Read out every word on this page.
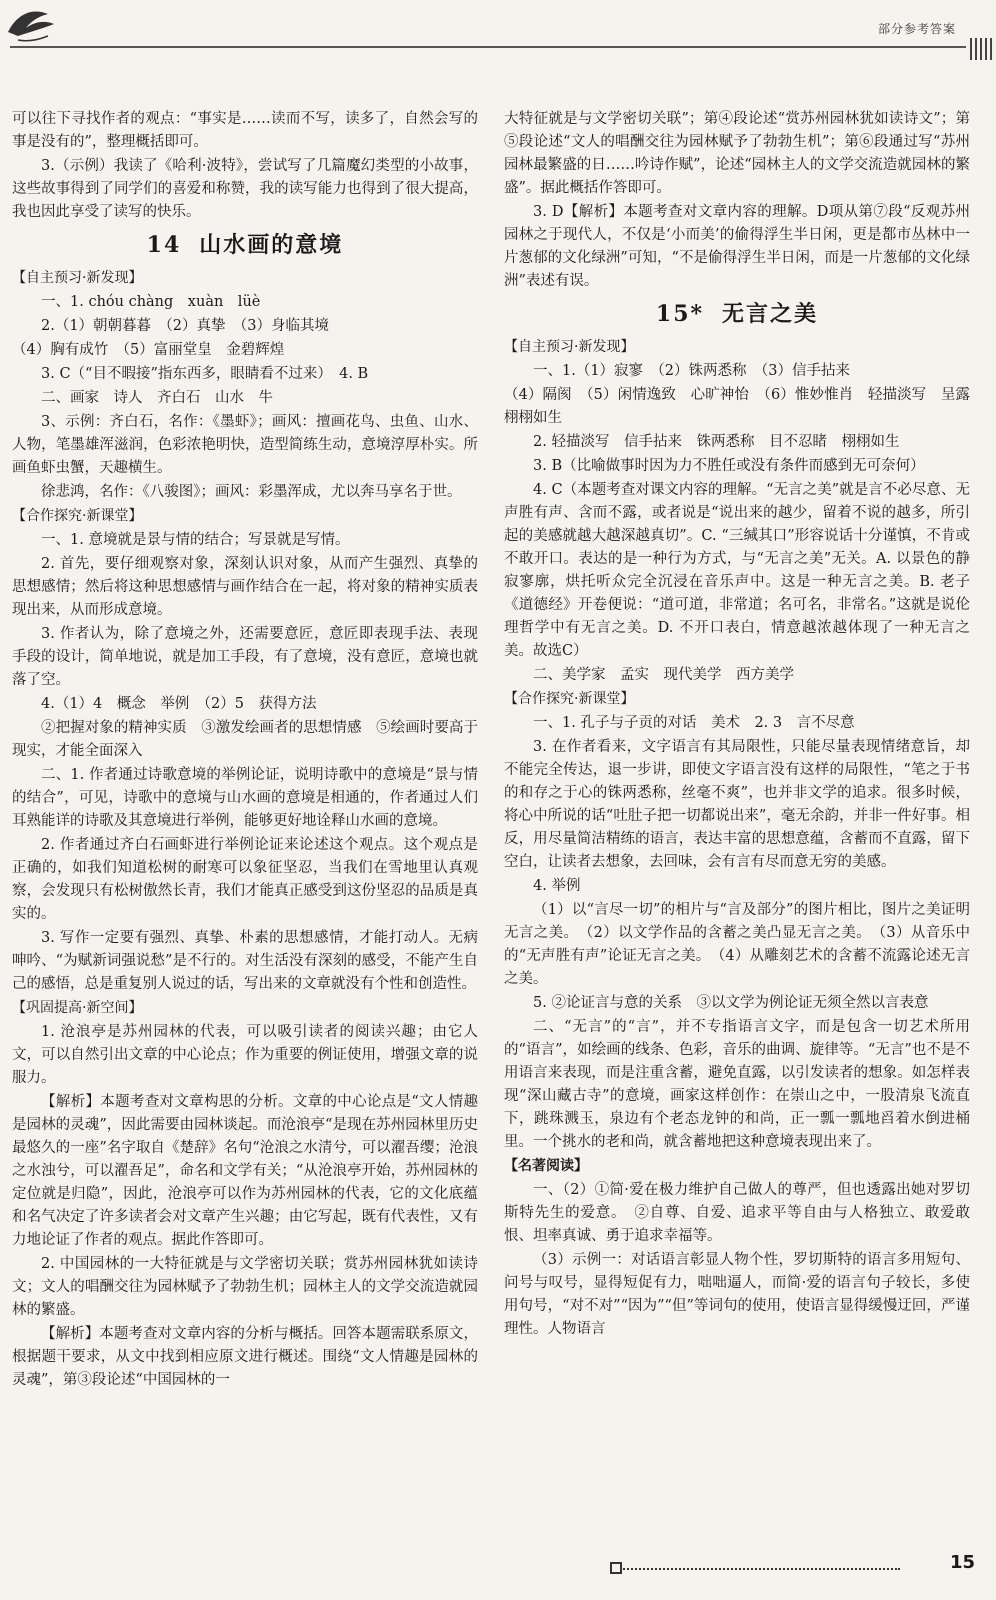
部分参考答案

可以往下寻找作者的观点：“事实是……读而不写，读多了，自然会写的事是没有的”，整理概括即可。

3.（示例）我读了《哈利·波特》，尝试写了几篇魔幻类型的小故事，这些故事得到了同学们的喜爱和称赞，我的读写能力也得到了很大提高，我也因此享受了读写的快乐。

14 山水画的意境

【自主预习·新发现】

一、1. chóu chàng　xuàn　lüè

2.（1）朝朝暮暮　（2）真挚　（3）身临其境

（4）胸有成竹　（5）富丽堂皇　金碧辉煌

3. C（“目不暇接”指东西多，眼睛看不过来）　4. B

二、画家　诗人　齐白石　山水　牛

3、示例：齐白石，名作：《墨虾》；画风：擅画花鸟、虫鱼、山水、人物，笔墨雄浑滋润，色彩浓艳明快，造型简练生动，意境淳厚朴实。所画鱼虾虫蟹，天趣横生。

徐悲鸿，名作：《八骏图》；画风：彩墨浑成，尤以奔马享名于世。

【合作探究·新课堂】

一、1. 意境就是景与情的结合；写景就是写情。

2. 首先，要仔细观察对象，深刻认识对象，从而产生强烈、真挚的思想感情；然后将这种思想感情与画作结合在一起，将对象的精神实质表现出来，从而形成意境。

3. 作者认为，除了意境之外，还需要意匠，意匠即表现手法、表现手段的设计，简单地说，就是加工手段，有了意境，没有意匠，意境也就落了空。

4.（1）4　概念　举例　（2）5　获得方法

②把握对象的精神实质　③激发绘画者的思想情感　⑤绘画时要高于现实，才能全面深入

二、1. 作者通过诗歌意境的举例论证，说明诗歌中的意境是“景与情的结合”，可见，诗歌中的意境与山水画的意境是相通的，作者通过人们耳熟能详的诗歌及其意境进行举例，能够更好地诠释山水画的意境。

2. 作者通过齐白石画虾进行举例论证来论述这个观点。这个观点是正确的，如我们知道松树的耐寒可以象征坚忍，当我们在雪地里认真观察，会发现只有松树傲然长青，我们才能真正感受到这份坚忍的品质是真实的。

3. 写作一定要有强烈、真挚、朴素的思想感情，才能打动人。无病呻吟、“为赋新词强说愁”是不行的。对生活没有深刻的感受，不能产生自己的感悟，总是重复别人说过的话，写出来的文章就没有个性和创造性。

【巩固提高·新空间】

1. 沧浪亭是苏州园林的代表，可以吸引读者的阅读兴趣；由它人文，可以自然引出文章的中心论点；作为重要的例证使用，增强文章的说服力。

【解析】本题考查对文章构思的分析。文章的中心论点是“文人情趣是园林的灵魂”，因此需要由园林谈起。而沧浪亭“是现在苏州园林里历史最悠久的一座”名字取自《楚辞》名句“沧浪之水清兮，可以濯吾缨；沧浪之水浊兮，可以濯吾足”，命名和文学有关；“从沧浪亭开始，苏州园林的定位就是归隐”，因此，沧浪亭可以作为苏州园林的代表，它的文化底蕴和名气决定了许多读者会对文章产生兴趣；由它写起，既有代表性，又有力地论证了作者的观点。据此作答即可。

2. 中国园林的一大特征就是与文学密切关联；赏苏州园林犹如读诗文；文人的唱酬交往为园林赋予了勃勃生机；园林主人的文学交流造就园林的繁盛。

【解析】本题考查对文章内容的分析与概括。回答本题需联系原文，根据题干要求，从文中找到相应原文进行概述。围绕“文人情趣是园林的灵魂”，第③段论述“中国园林的一

大特征就是与文学密切关联”；第④段论述“赏苏州园林犹如读诗文”；第⑤段论述“文人的唱酬交往为园林赋予了勃勃生机”；第⑥段通过写“苏州园林最繁盛的日……吟诗作赋”，论述“园林主人的文学交流造就园林的繁盛”。据此概括作答即可。

3. D【解析】本题考查对文章内容的理解。D项从第⑦段“反观苏州园林之于现代人，不仅是‘小而美’的偷得浮生半日闲，更是都市丛林中一片葱郁的文化绿洲”可知，“不是偷得浮生半日闲，而是一片葱郁的文化绿洲”表述有误。

15* 无言之美

【自主预习·新发现】

一、1.（1）寂寥　（2）铢两悉称　（3）信手拈来

（4）隔阂　（5）闲情逸致　心旷神怡　（6）惟妙惟肖　轻描淡写　呈露　栩栩如生

2. 轻描淡写　信手拈来　铢两悉称　目不忍睹　栩栩如生

3. B（比喻做事时因为力不胜任或没有条件而感到无可奈何）

4. C（本题考查对课文内容的理解。“无言之美”就是言不必尽意、无声胜有声、含而不露，或者说是“说出来的越少，留着不说的越多，所引起的美感就越大越深越真切”。C. “三缄其口”形容说话十分谨慎，不肯或不敢开口。表达的是一种行为方式，与“无言之美”无关。A. 以景色的静寂寥廓，烘托听众完全沉浸在音乐声中。这是一种无言之美。B. 老子《道德经》开卷便说：“道可道，非常道；名可名，非常名。”这就是说伦理哲学中有无言之美。D. 不开口表白，情意越浓越体现了一种无言之美。故选C）

二、美学家　孟实　现代美学　西方美学

【合作探究·新课堂】

一、1. 孔子与子贡的对话　美术　2. 3　言不尽意

3. 在作者看来，文字语言有其局限性，只能尽量表现情绪意旨，却不能完全传达，退一步讲，即使文字语言没有这样的局限性，“笔之于书的和存之于心的铢两悉称，丝毫不爽”，也并非文学的追求。很多时候，将心中所说的话“吐肚子把一切都说出来”，毫无余韵，并非一件好事。相反，用尽量简洁精练的语言，表达丰富的思想意蕴，含蓄而不直露，留下空白，让读者去想象，去回味，会有言有尽而意无穷的美感。

4. 举例

（1）以“言尽一切”的相片与“言及部分”的图片相比，图片之美证明无言之美。　（2）以文学作品的含蓄之美凸显无言之美。　（3）从音乐中的“无声胜有声”论证无言之美。　（4）从雕刻艺术的含蓄不流露论述无言之美。

5. ②论证言与意的关系　③以文学为例论证无须全然以言表意

二、“无言”的“言”，并不专指语言文字，而是包含一切艺术所用的“语言”，如绘画的线条、色彩，音乐的曲调、旋律等。“无言”也不是不用语言来表现，而是注重含蓄，避免直露，以引发读者的想象。如怎样表现“深山藏古寺”的意境，画家这样创作：在崇山之中，一股清泉飞流直下，跳珠溅玉，泉边有个老态龙钟的和尚，正一瓢一瓢地舀着水倒进桶里。一个挑水的老和尚，就含蓄地把这种意境表现出来了。

【名著阅读】

一、（2）①简·爱在极力维护自己做人的尊严，但也透露出她对罗切斯特先生的爱意。　②自尊、自爱、追求平等自由与人格独立、敢爱敢恨、坦率真诚、勇于追求幸福等。

（3）示例一：对话语言彰显人物个性，罗切斯特的语言多用短句、问号与叹号，显得短促有力，咄咄逼人，而简·爱的语言句子较长，多使用句号，“对不对”“因为”“但”等词句的使用，使语言显得缓慢迂回，严谨理性。人物语言

15
